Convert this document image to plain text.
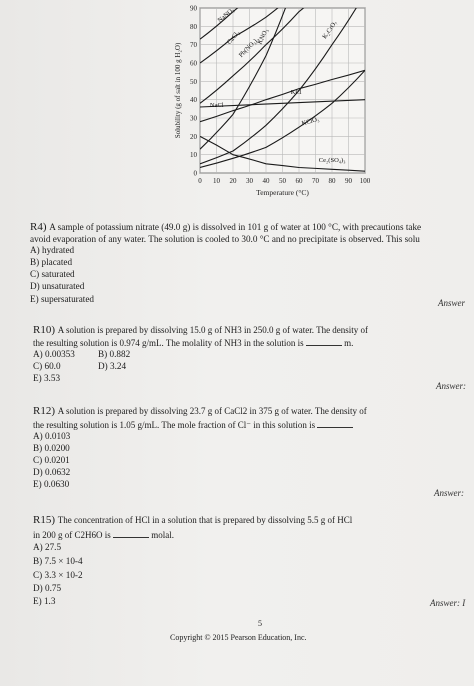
0 10 20 30 40 50 60 70 80 90 100
0
10
20
30
40
50
60
70
80
90
Temperature (°C)
Solubility (g of salt in 100 g H₂O)
NaNO₃
CaCl₂
Pb(NO₃)₂
KNO₃
NaCl
KCl
K₂CrO₇
KClO₃
Ce₂(SO₄)₃
R4) A sample of potassium nitrate (49.0 g) is dissolved in 101 g of water at 100 °C, with precautions take
avoid evaporation of any water. The solution is cooled to 30.0 °C and no precipitate is observed. This solu
A) hydrated
B) placated
C) saturated
D) unsaturated
E) supersaturated	Answer
R10) A solution is prepared by dissolving 15.0 g of NH3 in 250.0 g of water. The density of
the resulting solution is 0.974 g/mL. The molality of NH3 in the solution is	m.
A) 0.00353	B) 0.882
C) 60.0	D) 3.24
E) 3.53
Answer:
R12) A solution is prepared by dissolving 23.7 g of CaCl2 in 375 g of water. The density of
the resulting solution is 1.05 g/mL. The mole fraction of Cl⁻ in this solution is
A) 0.0103
B) 0.0200
C) 0.0201
D) 0.0632
E) 0.0630
Answer:
R15) The concentration of HCl in a solution that is prepared by dissolving 5.5 g of HCl
in 200 g of C2H6O is	molal.
A) 27.5
B) 7.5 × 10-4
C) 3.3 × 10-2
D) 0.75
E) 1.3	Answer: I
5
Copyright © 2015 Pearson Education, Inc.
